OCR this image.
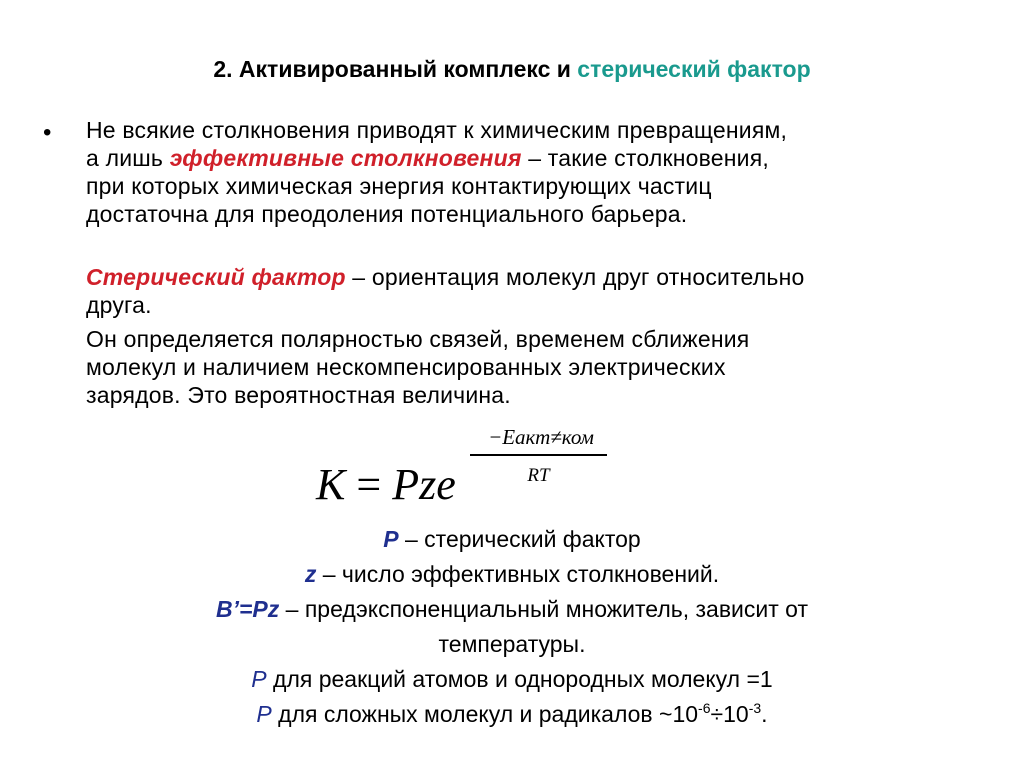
2. Активированный комплекс и стерический фактор
• Не всякие столкновения приводят к химическим превращениям,
а лишь эффективные столкновения – такие столкновения,
при которых химическая энергия контактирующих частиц
достаточна для преодоления потенциального барьера.
Стерический фактор – ориентация молекул друг относительно
друга.
Он определяется полярностью связей, временем сближения
молекул и наличием нескомпенсированных электрических
зарядов. Это вероятностная величина.
−Еакт≠ком
RT
K = Pze
Р – стерический фактор
z – число эффективных столкновений.
B’=Pz – предэкспоненциальный множитель, зависит от
температуры.
Р для реакций атомов и однородных молекул =1
Р для сложных молекул и радикалов $\sim 10^{-6}\div 10^{-3}$.
